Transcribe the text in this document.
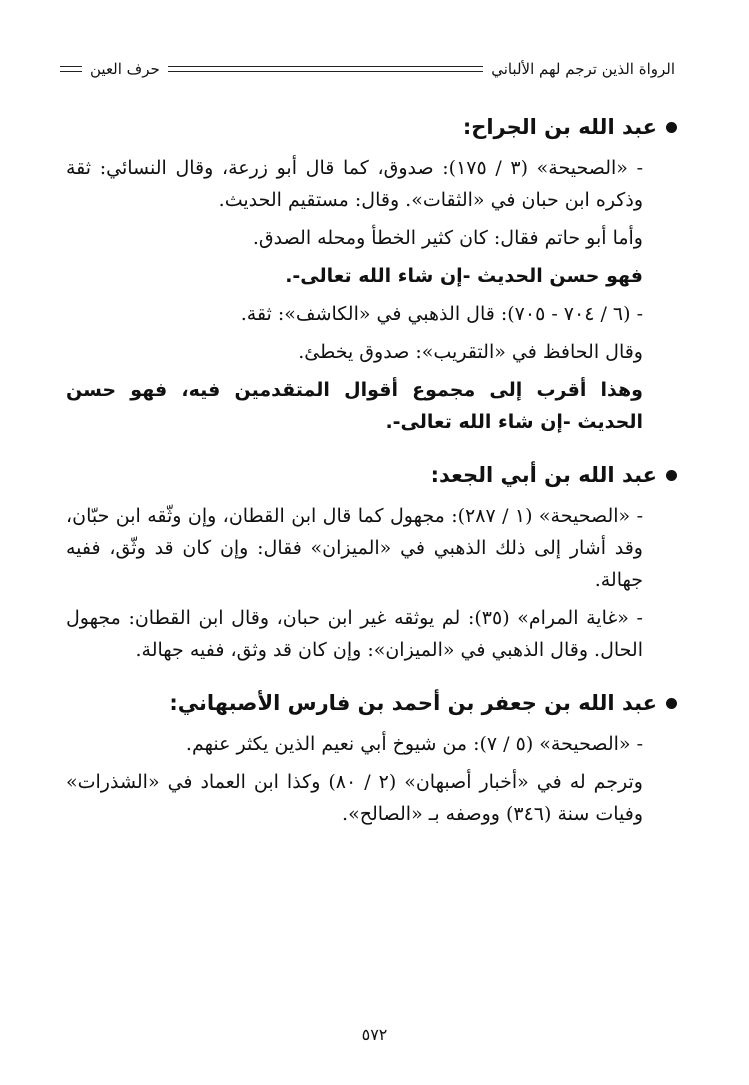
الرواة الذين ترجم لهم الألباني
حرف العين
عبد الله بن الجراح:

- «الصحيحة» (٣ / ١٧٥): صدوق، كما قال أبو زرعة، وقال النسائي: ثقة وذكره ابن حبان في «الثقات». وقال: مستقيم الحديث.

وأما أبو حاتم فقال: كان كثير الخطأ ومحله الصدق.

فهو حسن الحديث -إن شاء الله تعالى-.

- (٦ / ٧٠٤ - ٧٠٥): قال الذهبي في «الكاشف»: ثقة.

وقال الحافظ في «التقريب»: صدوق يخطئ.

وهذا أقرب إلى مجموع أقوال المتقدمين فيه، فهو حسن الحديث -إن شاء الله تعالى-.

عبد الله بن أبي الجعد:

- «الصحيحة» (١ / ٢٨٧): مجهول كما قال ابن القطان، وإن وثّقه ابن حبّان، وقد أشار إلى ذلك الذهبي في «الميزان» فقال: وإن كان قد وثّق، ففيه جهالة.

- «غاية المرام» (٣٥): لم يوثقه غير ابن حبان، وقال ابن القطان: مجهول الحال. وقال الذهبي في «الميزان»: وإن كان قد وثق، ففيه جهالة.

عبد الله بن جعفر بن أحمد بن فارس الأصبهاني:

- «الصحيحة» (٥ / ٧): من شيوخ أبي نعيم الذين يكثر عنهم.

وترجم له في «أخبار أصبهان» (٢ / ٨٠) وكذا ابن العماد في «الشذرات» وفيات سنة (٣٤٦) ووصفه بـ «الصالح».

٥٧٢
